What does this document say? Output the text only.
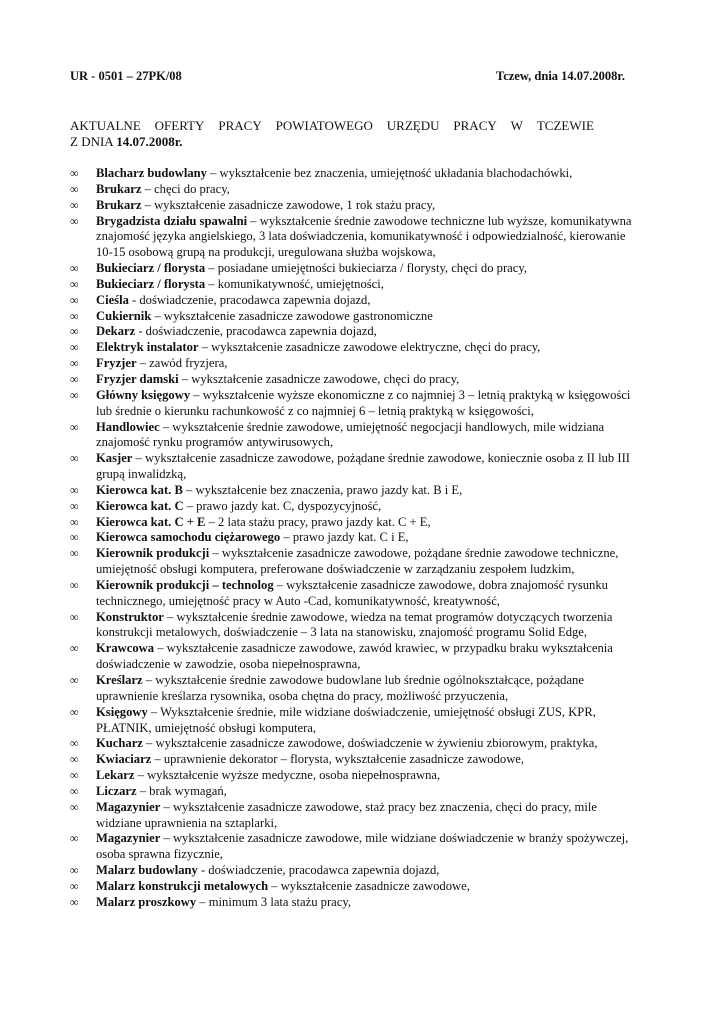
UR - 0501 – 27PK/08	Tczew, dnia 14.07.2008r.
AKTUALNE OFERTY PRACY POWIATOWEGO URZĘDU PRACY W TCZEWIE
Z DNIA 14.07.2008r.
∞	Blacharz budowlany – wykształcenie bez znaczenia, umiejętność układania blachodachówki,
∞	Brukarz – chęci do pracy,
∞	Brukarz – wykształcenie zasadnicze zawodowe, 1 rok stażu pracy,
∞	Brygadzista działu spawalni – wykształcenie średnie zawodowe techniczne lub wyższe, komunikatywna znajomość języka angielskiego, 3 lata doświadczenia, komunikatywność i odpowiedzialność, kierowanie 10-15 osobową grupą na produkcji, uregulowana służba wojskowa,
∞	Bukieciarz / florysta – posiadane umiejętności bukieciarza / florysty, chęci do pracy,
∞	Bukieciarz / florysta – komunikatywność, umiejętności,
∞	Cieśla - doświadczenie, pracodawca zapewnia dojazd,
∞	Cukiernik – wykształcenie zasadnicze zawodowe gastronomiczne
∞	Dekarz - doświadczenie, pracodawca zapewnia dojazd,
∞	Elektryk instalator – wykształcenie zasadnicze zawodowe elektryczne, chęci do pracy,
∞	Fryzjer – zawód fryzjera,
∞	Fryzjer damski – wykształcenie zasadnicze zawodowe, chęci do pracy,
∞	Główny księgowy – wykształcenie wyższe ekonomiczne z co najmniej 3 – letnią praktyką w księgowości lub średnie o kierunku rachunkowość z co najmniej 6 – letnią praktyką w księgowości,
∞	Handlowiec – wykształcenie średnie zawodowe, umiejętność negocjacji handlowych, mile widziana znajomość rynku programów antywirusowych,
∞	Kasjer – wykształcenie zasadnicze zawodowe, pożądane średnie zawodowe, koniecznie osoba z II lub III grupą inwalidzką,
∞	Kierowca kat. B – wykształcenie bez znaczenia, prawo jazdy kat. B i E,
∞	Kierowca kat. C – prawo jazdy kat. C, dyspozycyjność,
∞	Kierowca kat. C + E – 2 lata stażu pracy, prawo jazdy kat. C + E,
∞	Kierowca samochodu ciężarowego – prawo jazdy kat. C i E,
∞	Kierownik produkcji – wykształcenie zasadnicze zawodowe, pożądane średnie zawodowe techniczne, umiejętność obsługi komputera, preferowane doświadczenie w zarządzaniu zespołem ludzkim,
∞	Kierownik produkcji – technolog – wykształcenie zasadnicze zawodowe, dobra znajomość rysunku technicznego, umiejętność pracy w Auto -Cad, komunikatywność, kreatywność,
∞	Konstruktor – wykształcenie średnie zawodowe, wiedza na temat programów dotyczących tworzenia konstrukcji metalowych, doświadczenie – 3 lata na stanowisku, znajomość programu Solid Edge,
∞	Krawcowa – wykształcenie zasadnicze zawodowe, zawód krawiec, w przypadku braku wykształcenia doświadczenie w zawodzie, osoba niepełnosprawna,
∞	Kreślarz – wykształcenie średnie zawodowe budowlane lub średnie ogólnokształcące, pożądane uprawnienie kreślarza rysownika, osoba chętna do pracy, możliwość przyuczenia,
∞	Księgowy – Wykształcenie średnie, mile widziane doświadczenie, umiejętność obsługi ZUS, KPR, PŁATNIK, umiejętność obsługi komputera,
∞	Kucharz – wykształcenie zasadnicze zawodowe, doświadczenie w żywieniu zbiorowym, praktyka,
∞	Kwiaciarz – uprawnienie dekorator – florysta, wykształcenie zasadnicze zawodowe,
∞	Lekarz – wykształcenie wyższe medyczne, osoba niepełnosprawna,
∞	Liczarz – brak wymagań,
∞	Magazynier – wykształcenie zasadnicze zawodowe, staż pracy bez znaczenia, chęci do pracy, mile widziane uprawnienia na sztaplarki,
∞	Magazynier – wykształcenie zasadnicze zawodowe, mile widziane doświadczenie w branży spożywczej, osoba sprawna fizycznie,
∞	Malarz budowlany - doświadczenie, pracodawca zapewnia dojazd,
∞	Malarz konstrukcji metalowych – wykształcenie zasadnicze zawodowe,
∞	Malarz proszkowy – minimum 3 lata stażu pracy,
